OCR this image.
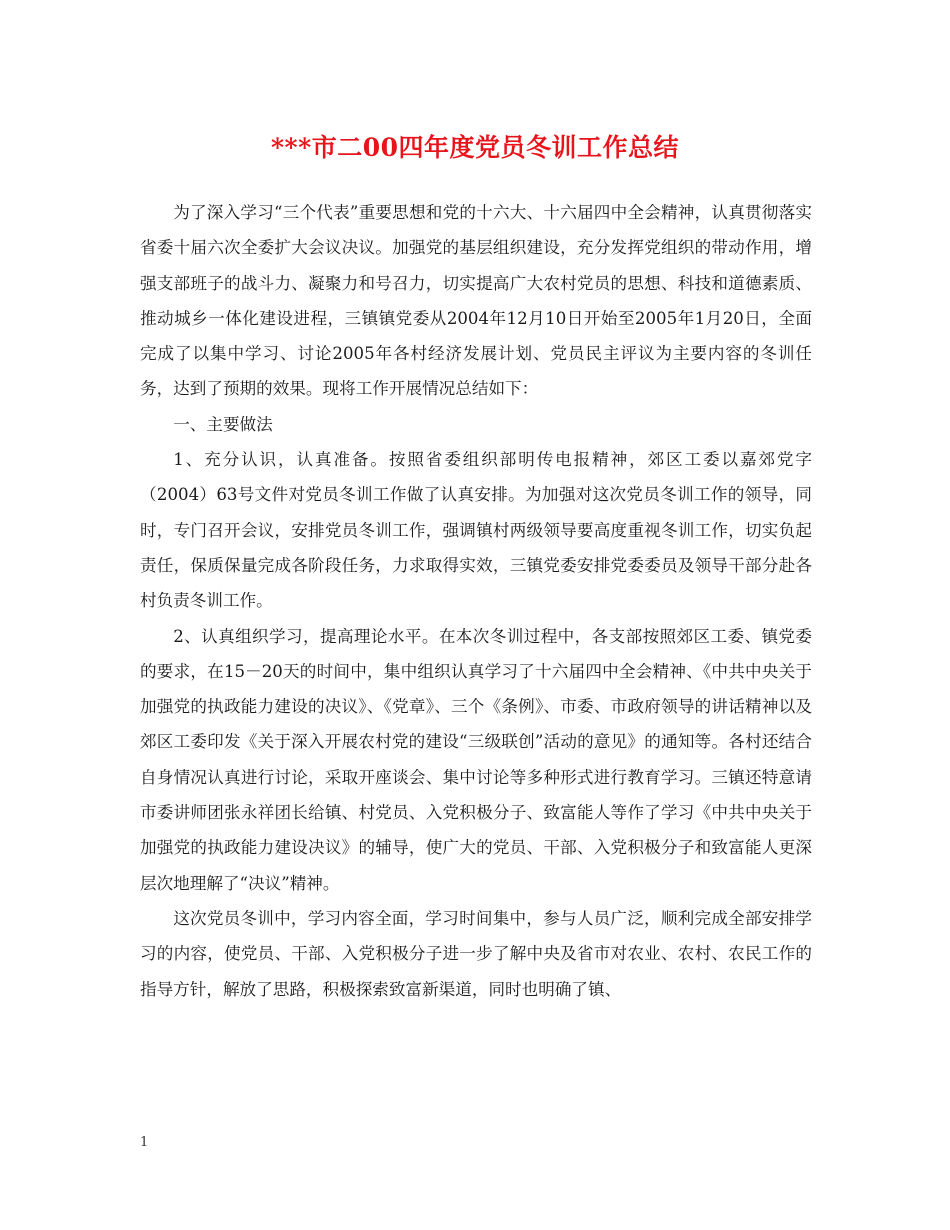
***市二00四年度党员冬训工作总结

为了深入学习“三个代表”重要思想和党的十六大、十六届四中全会精神，认真贯彻落实省委十届六次全委扩大会议决议。加强党的基层组织建设，充分发挥党组织的带动作用，增强支部班子的战斗力、凝聚力和号召力，切实提高广大农村党员的思想、科技和道德素质、推动城乡一体化建设进程，三镇镇党委从2004年12月10日开始至2005年1月20日，全面完成了以集中学习、讨论2005年各村经济发展计划、党员民主评议为主要内容的冬训任务，达到了预期的效果。现将工作开展情况总结如下：

一、主要做法

1、充分认识，认真准备。按照省委组织部明传电报精神，郊区工委以嘉郊党字（2004）63号文件对党员冬训工作做了认真安排。为加强对这次党员冬训工作的领导，同时，专门召开会议，安排党员冬训工作，强调镇村两级领导要高度重视冬训工作，切实负起责任，保质保量完成各阶段任务，力求取得实效，三镇党委安排党委委员及领导干部分赴各村负责冬训工作。

2、认真组织学习，提高理论水平。在本次冬训过程中，各支部按照郊区工委、镇党委的要求，在15－20天的时间中，集中组织认真学习了十六届四中全会精神、《中共中央关于加强党的执政能力建设的决议》、《党章》、三个《条例》、市委、市政府领导的讲话精神以及郊区工委印发《关于深入开展农村党的建设“三级联创”活动的意见》的通知等。各村还结合自身情况认真进行讨论，采取开座谈会、集中讨论等多种形式进行教育学习。三镇还特意请市委讲师团张永祥团长给镇、村党员、入党积极分子、致富能人等作了学习《中共中央关于加强党的执政能力建设决议》的辅导，使广大的党员、干部、入党积极分子和致富能人更深层次地理解了“决议”精神。

这次党员冬训中，学习内容全面，学习时间集中，参与人员广泛，顺利完成全部安排学习的内容，使党员、干部、入党积极分子进一步了解中央及省市对农业、农村、农民工作的指导方针，解放了思路，积极探索致富新渠道，同时也明确了镇、

1
